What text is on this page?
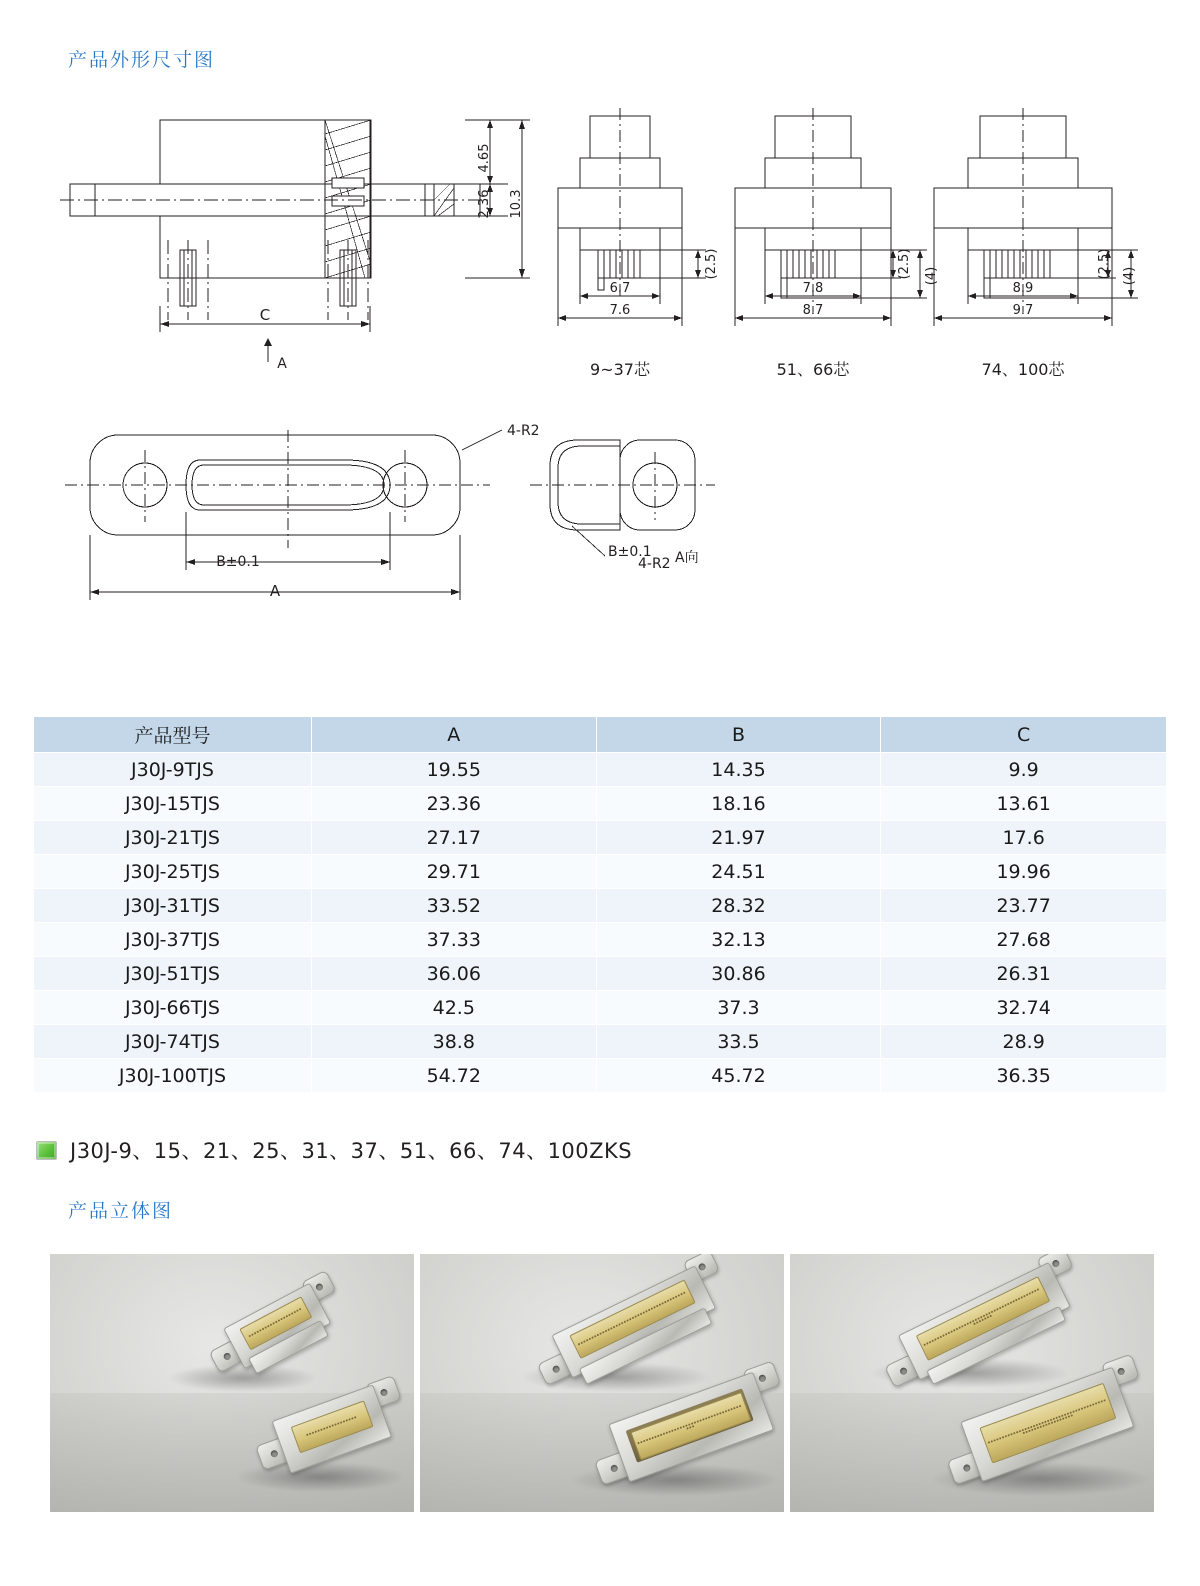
产品外形尺寸图
4.65
2.36 10.3
C
A
6.7
7.6
(2.5)
9~37芯
7.8
8.7
(2.5) (4)
51、66芯
8.9
9.7
(2.5) (4)
74、100芯
4-R2
B±0.1
A
A向
B±0.1	4-R2
产品型号	A	B	C
J30J-9TJS	19.55	14.35	9.9
J30J-15TJS	23.36	18.16	13.61
J30J-21TJS	27.17	21.97	17.6
J30J-25TJS	29.71	24.51	19.96
J30J-31TJS	33.52	28.32	23.77
J30J-37TJS	37.33	32.13	27.68
J30J-51TJS	36.06	30.86	26.31
J30J-66TJS	42.5	37.3	32.74
J30J-74TJS	38.8	33.5	28.9
J30J-100TJS	54.72	45.72	36.35
J30J-9、15、21、25、31、37、51、66、74、100ZKS
产品立体图
